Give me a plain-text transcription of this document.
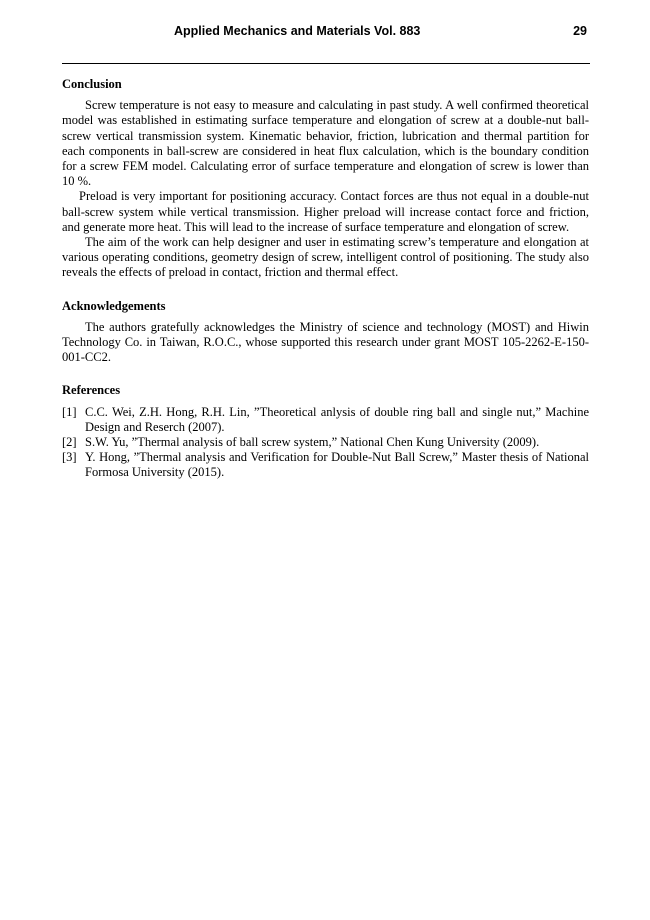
Applied Mechanics and Materials Vol. 883	29
Conclusion

Screw temperature is not easy to measure and calculating in past study. A well confirmed theoretical model was established in estimating surface temperature and elongation of screw at a double-nut ball-screw vertical transmission system. Kinematic behavior, friction, lubrication and thermal partition for each components in ball-screw are considered in heat flux calculation, which is the boundary condition for a screw FEM model. Calculating error of surface temperature and elongation of screw is lower than 10 %.

Preload is very important for positioning accuracy. Contact forces are thus not equal in a double-nut ball-screw system while vertical transmission. Higher preload will increase contact force and friction, and generate more heat. This will lead to the increase of surface temperature and elongation of screw.

The aim of the work can help designer and user in estimating screw’s temperature and elongation at various operating conditions, geometry design of screw, intelligent control of positioning. The study also reveals the effects of preload in contact, friction and thermal effect.

Acknowledgements

The authors gratefully acknowledges the Ministry of science and technology (MOST) and Hiwin Technology Co. in Taiwan, R.O.C., whose supported this research under grant MOST 105-2262-E-150-001-CC2.

References
[1] C.C. Wei, Z.H. Hong, R.H. Lin, ”Theoretical anlysis of double ring ball and single nut,” Machine Design and Reserch (2007).
[2] S.W. Yu, ”Thermal analysis of ball screw system,” National Chen Kung University (2009).
[3] Y. Hong, ”Thermal analysis and Verification for Double-Nut Ball Screw,” Master thesis of National Formosa University (2015).
